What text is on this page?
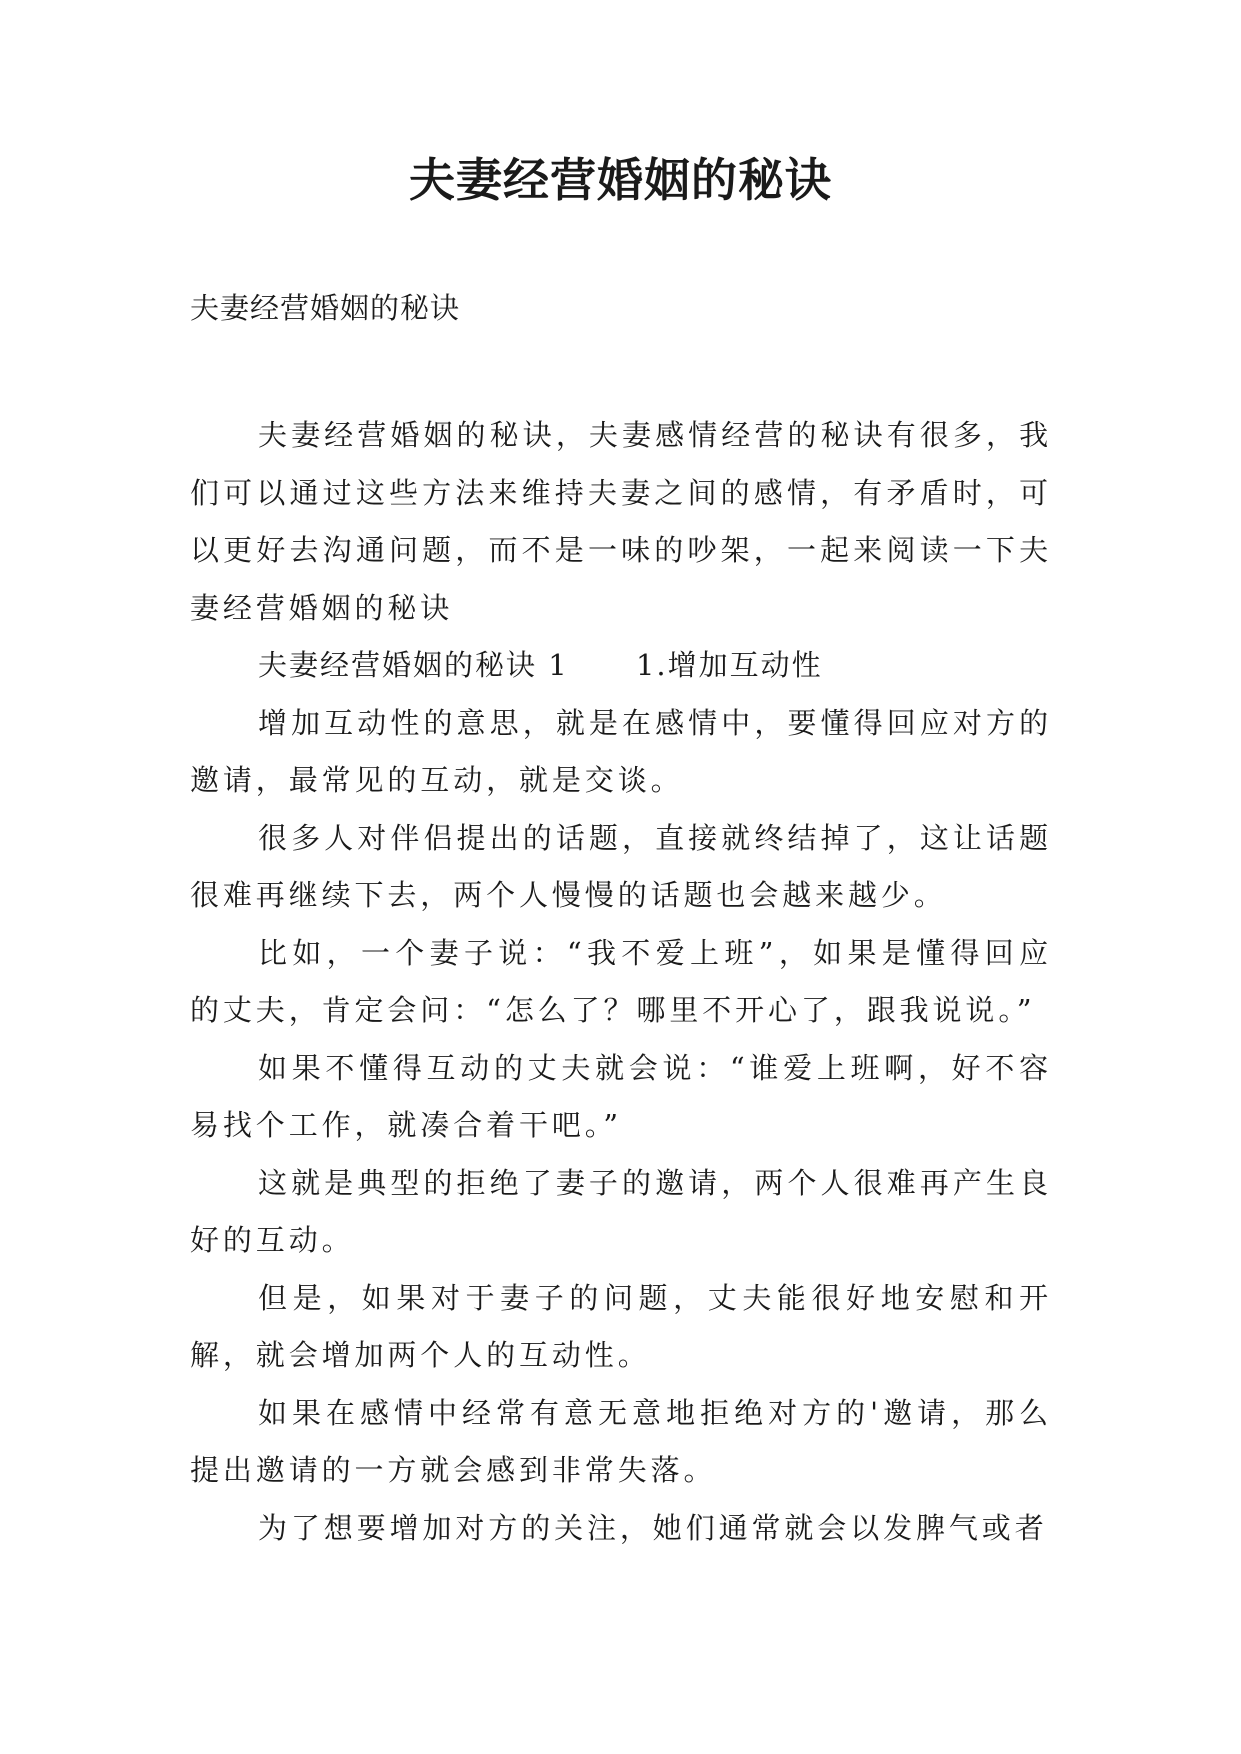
夫妻经营婚姻的秘诀

夫妻经营婚姻的秘诀

夫妻经营婚姻的秘诀，夫妻感情经营的秘诀有很多，我们可以通过这些方法来维持夫妻之间的感情，有矛盾时，可以更好去沟通问题，而不是一味的吵架，一起来阅读一下夫妻经营婚姻的秘诀

夫妻经营婚姻的秘诀 1      1.增加互动性

增加互动性的意思，就是在感情中，要懂得回应对方的邀请，最常见的互动，就是交谈。

很多人对伴侣提出的话题，直接就终结掉了，这让话题很难再继续下去，两个人慢慢的话题也会越来越少。

比如，一个妻子说：“我不爱上班”，如果是懂得回应的丈夫，肯定会问：“怎么了？哪里不开心了，跟我说说。”

如果不懂得互动的丈夫就会说：“谁爱上班啊，好不容易找个工作，就凑合着干吧。”

这就是典型的拒绝了妻子的邀请，两个人很难再产生良好的互动。

但是，如果对于妻子的问题，丈夫能很好地安慰和开解，就会增加两个人的互动性。

如果在感情中经常有意无意地拒绝对方的'邀请，那么提出邀请的一方就会感到非常失落。

为了想要增加对方的关注，她们通常就会以发脾气或者
